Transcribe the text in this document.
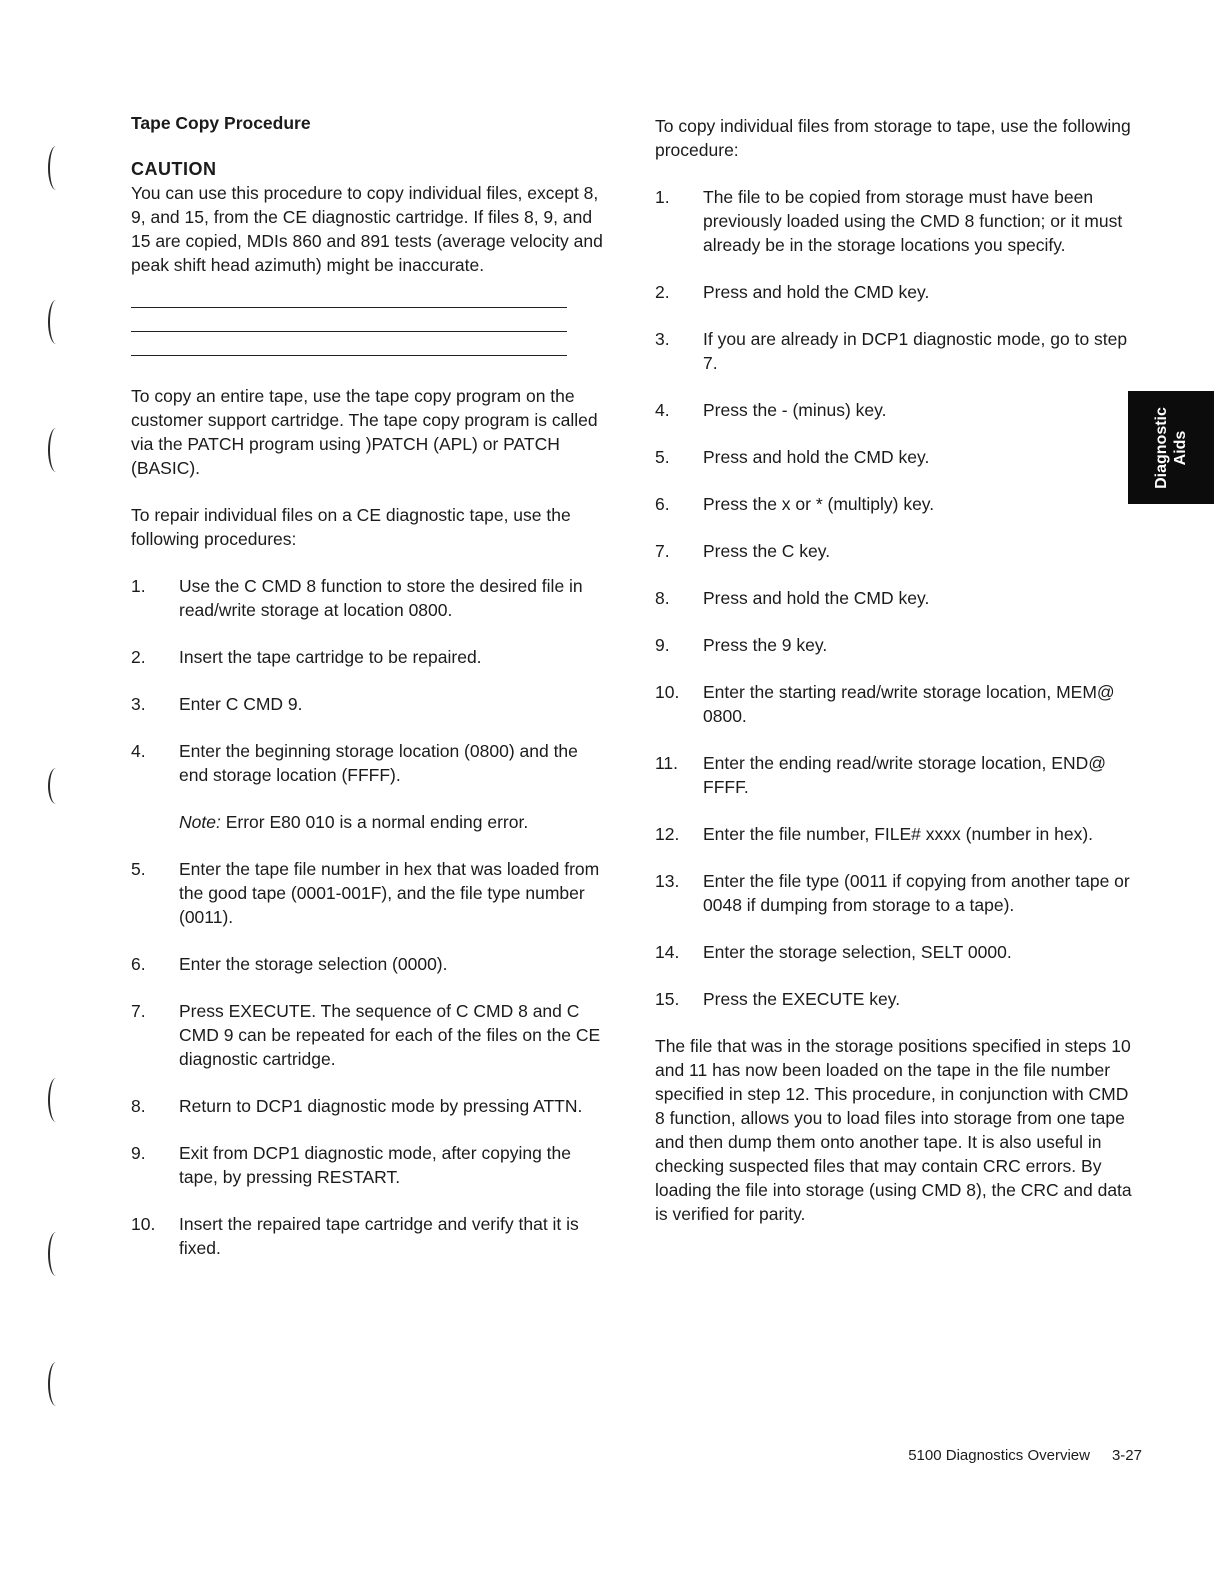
Tape Copy Procedure
CAUTION
You can use this procedure to copy individual files, except 8, 9, and 15, from the CE diagnostic cartridge. If files 8, 9, and 15 are copied, MDIs 860 and 891 tests (average velocity and peak shift head azimuth) might be inaccurate.
To copy an entire tape, use the tape copy program on the customer support cartridge. The tape copy program is called via the PATCH program using )PATCH (APL) or PATCH (BASIC).
To repair individual files on a CE diagnostic tape, use the following procedures:
1.	Use the C CMD 8 function to store the desired file in read/write storage at location 0800.
2.	Insert the tape cartridge to be repaired.
3.	Enter C CMD 9.
4.	Enter the beginning storage location (0800) and the end storage location (FFFF).
Note: Error E80 010 is a normal ending error.
5.	Enter the tape file number in hex that was loaded from the good tape (0001-001F), and the file type number (0011).
6.	Enter the storage selection (0000).
7.	Press EXECUTE. The sequence of C CMD 8 and C CMD 9 can be repeated for each of the files on the CE diagnostic cartridge.
8.	Return to DCP1 diagnostic mode by pressing ATTN.
9.	Exit from DCP1 diagnostic mode, after copying the tape, by pressing RESTART.
10.	Insert the repaired tape cartridge and verify that it is fixed.
To copy individual files from storage to tape, use the following procedure:
1.	The file to be copied from storage must have been previously loaded using the CMD 8 function; or it must already be in the storage locations you specify.
2.	Press and hold the CMD key.
3.	If you are already in DCP1 diagnostic mode, go to step 7.
4.	Press the - (minus) key.
5.	Press and hold the CMD key.
6.	Press the x or * (multiply) key.
7.	Press the C key.
8.	Press and hold the CMD key.
9.	Press the 9 key.
10.	Enter the starting read/write storage location, MEM@ 0800.
11.	Enter the ending read/write storage location, END@ FFFF.
12.	Enter the file number, FILE# xxxx (number in hex).
13.	Enter the file type (0011 if copying from another tape or 0048 if dumping from storage to a tape).
14.	Enter the storage selection, SELT 0000.
15.	Press the EXECUTE key.
The file that was in the storage positions specified in steps 10 and 11 has now been loaded on the tape in the file number specified in step 12. This procedure, in conjunction with CMD 8 function, allows you to load files into storage from one tape and then dump them onto another tape. It is also useful in checking suspected files that may contain CRC errors. By loading the file into storage (using CMD 8), the CRC and data is verified for parity.
Diagnostic Aids
5100 Diagnostics Overview 3-27
